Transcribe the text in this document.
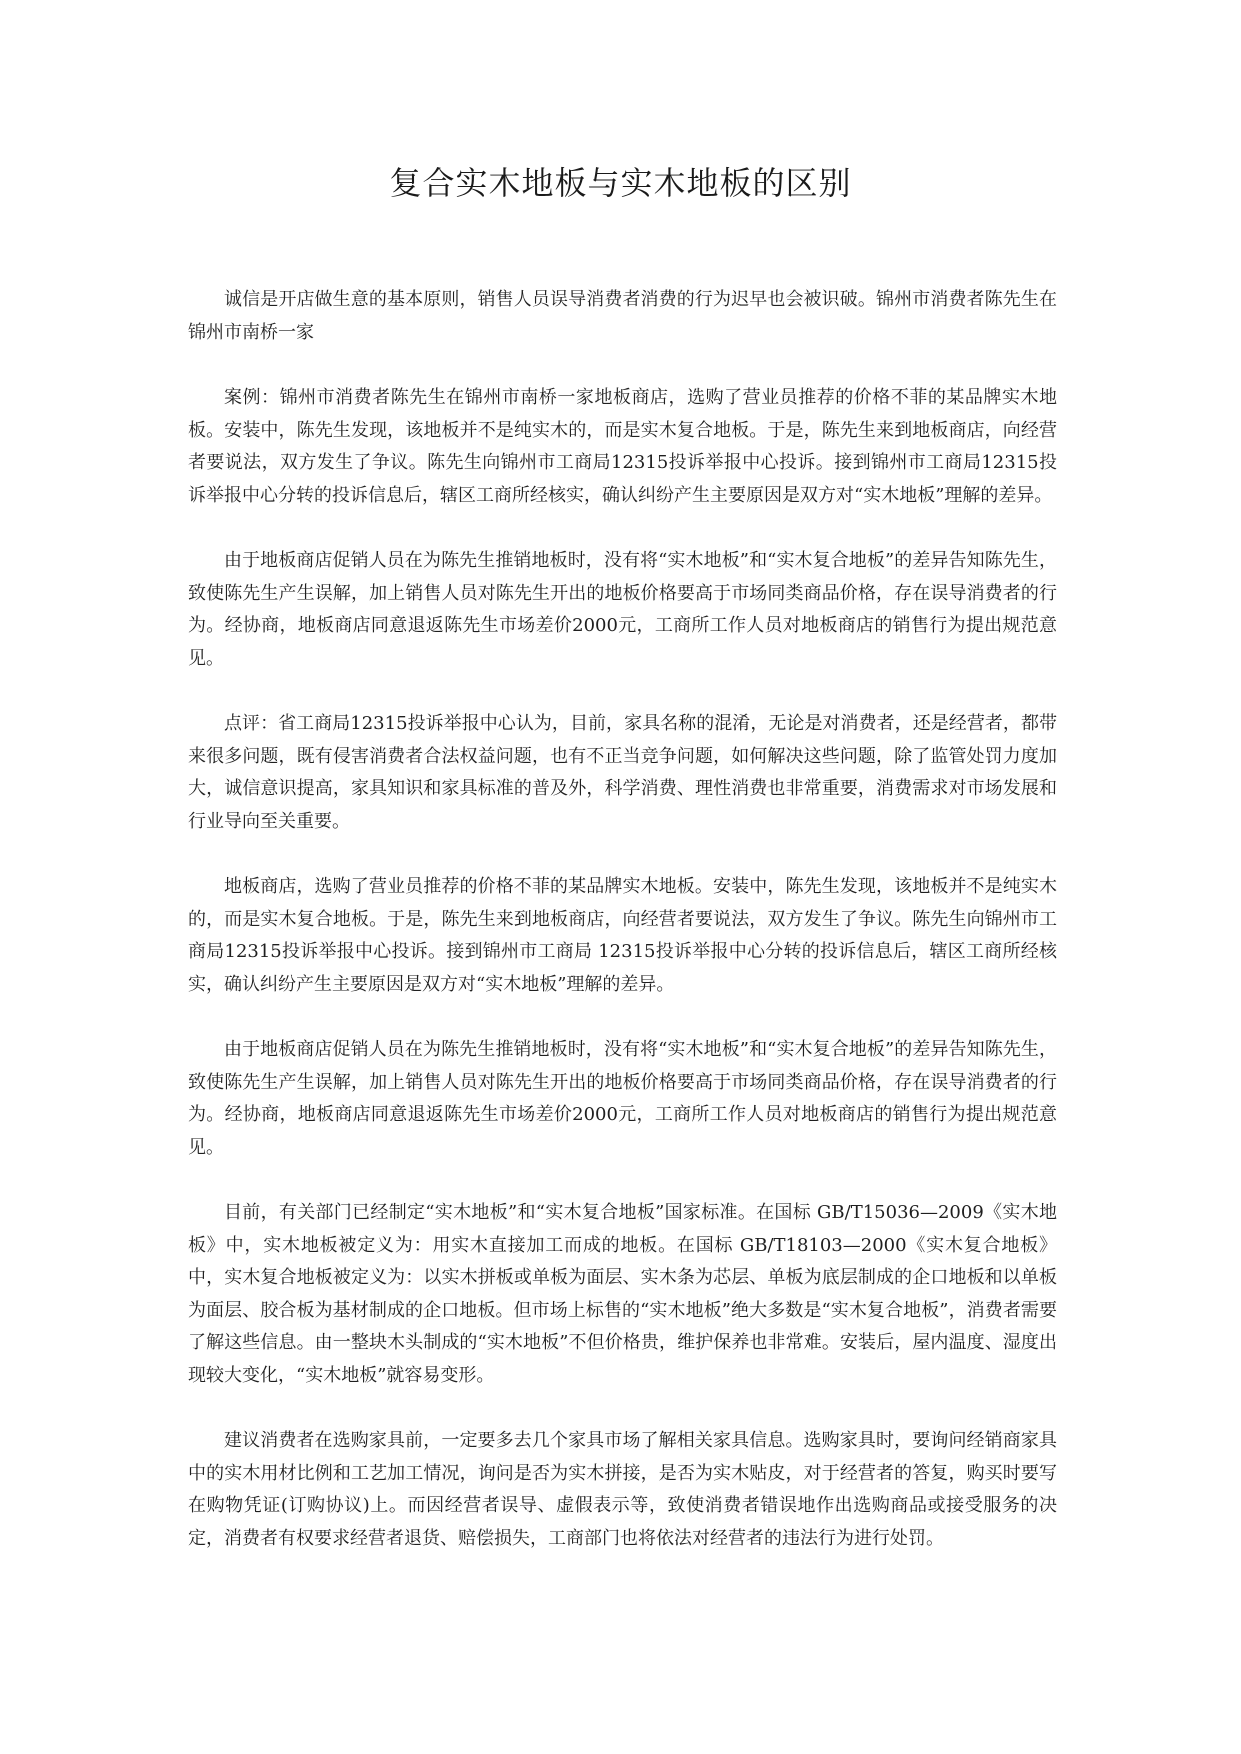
复合实木地板与实木地板的区别

诚信是开店做生意的基本原则，销售人员误导消费者消费的行为迟早也会被识破。锦州市消费者陈先生在锦州市南桥一家

案例：锦州市消费者陈先生在锦州市南桥一家地板商店，选购了营业员推荐的价格不菲的某品牌实木地板。安装中，陈先生发现，该地板并不是纯实木的，而是实木复合地板。于是，陈先生来到地板商店，向经营者要说法，双方发生了争议。陈先生向锦州市工商局12315投诉举报中心投诉。接到锦州市工商局12315投诉举报中心分转的投诉信息后，辖区工商所经核实，确认纠纷产生主要原因是双方对“实木地板”理解的差异。

由于地板商店促销人员在为陈先生推销地板时，没有将“实木地板”和“实木复合地板”的差异告知陈先生，致使陈先生产生误解，加上销售人员对陈先生开出的地板价格要高于市场同类商品价格，存在误导消费者的行为。经协商，地板商店同意退返陈先生市场差价2000元，工商所工作人员对地板商店的销售行为提出规范意见。

点评：省工商局12315投诉举报中心认为，目前，家具名称的混淆，无论是对消费者，还是经营者，都带来很多问题，既有侵害消费者合法权益问题，也有不正当竞争问题，如何解决这些问题，除了监管处罚力度加大，诚信意识提高，家具知识和家具标准的普及外，科学消费、理性消费也非常重要，消费需求对市场发展和行业导向至关重要。

地板商店，选购了营业员推荐的价格不菲的某品牌实木地板。安装中，陈先生发现，该地板并不是纯实木的，而是实木复合地板。于是，陈先生来到地板商店，向经营者要说法，双方发生了争议。陈先生向锦州市工商局12315投诉举报中心投诉。接到锦州市工商局 12315投诉举报中心分转的投诉信息后，辖区工商所经核实，确认纠纷产生主要原因是双方对“实木地板”理解的差异。

由于地板商店促销人员在为陈先生推销地板时，没有将“实木地板”和“实木复合地板”的差异告知陈先生，致使陈先生产生误解，加上销售人员对陈先生开出的地板价格要高于市场同类商品价格，存在误导消费者的行为。经协商，地板商店同意退返陈先生市场差价2000元，工商所工作人员对地板商店的销售行为提出规范意见。

目前，有关部门已经制定“实木地板”和“实木复合地板”国家标准。在国标 GB/T15036—2009《实木地板》中，实木地板被定义为：用实木直接加工而成的地板。在国标 GB/T18103—2000《实木复合地板》中，实木复合地板被定义为：以实木拼板或单板为面层、实木条为芯层、单板为底层制成的企口地板和以单板为面层、胶合板为基材制成的企口地板。但市场上标售的“实木地板”绝大多数是“实木复合地板”，消费者需要了解这些信息。由一整块木头制成的“实木地板”不但价格贵，维护保养也非常难。安装后，屋内温度、湿度出现较大变化，“实木地板”就容易变形。

建议消费者在选购家具前，一定要多去几个家具市场了解相关家具信息。选购家具时，要询问经销商家具中的实木用材比例和工艺加工情况，询问是否为实木拼接，是否为实木贴皮，对于经营者的答复，购买时要写在购物凭证(订购协议)上。而因经营者误导、虚假表示等，致使消费者错误地作出选购商品或接受服务的决定，消费者有权要求经营者退货、赔偿损失，工商部门也将依法对经营者的违法行为进行处罚。
